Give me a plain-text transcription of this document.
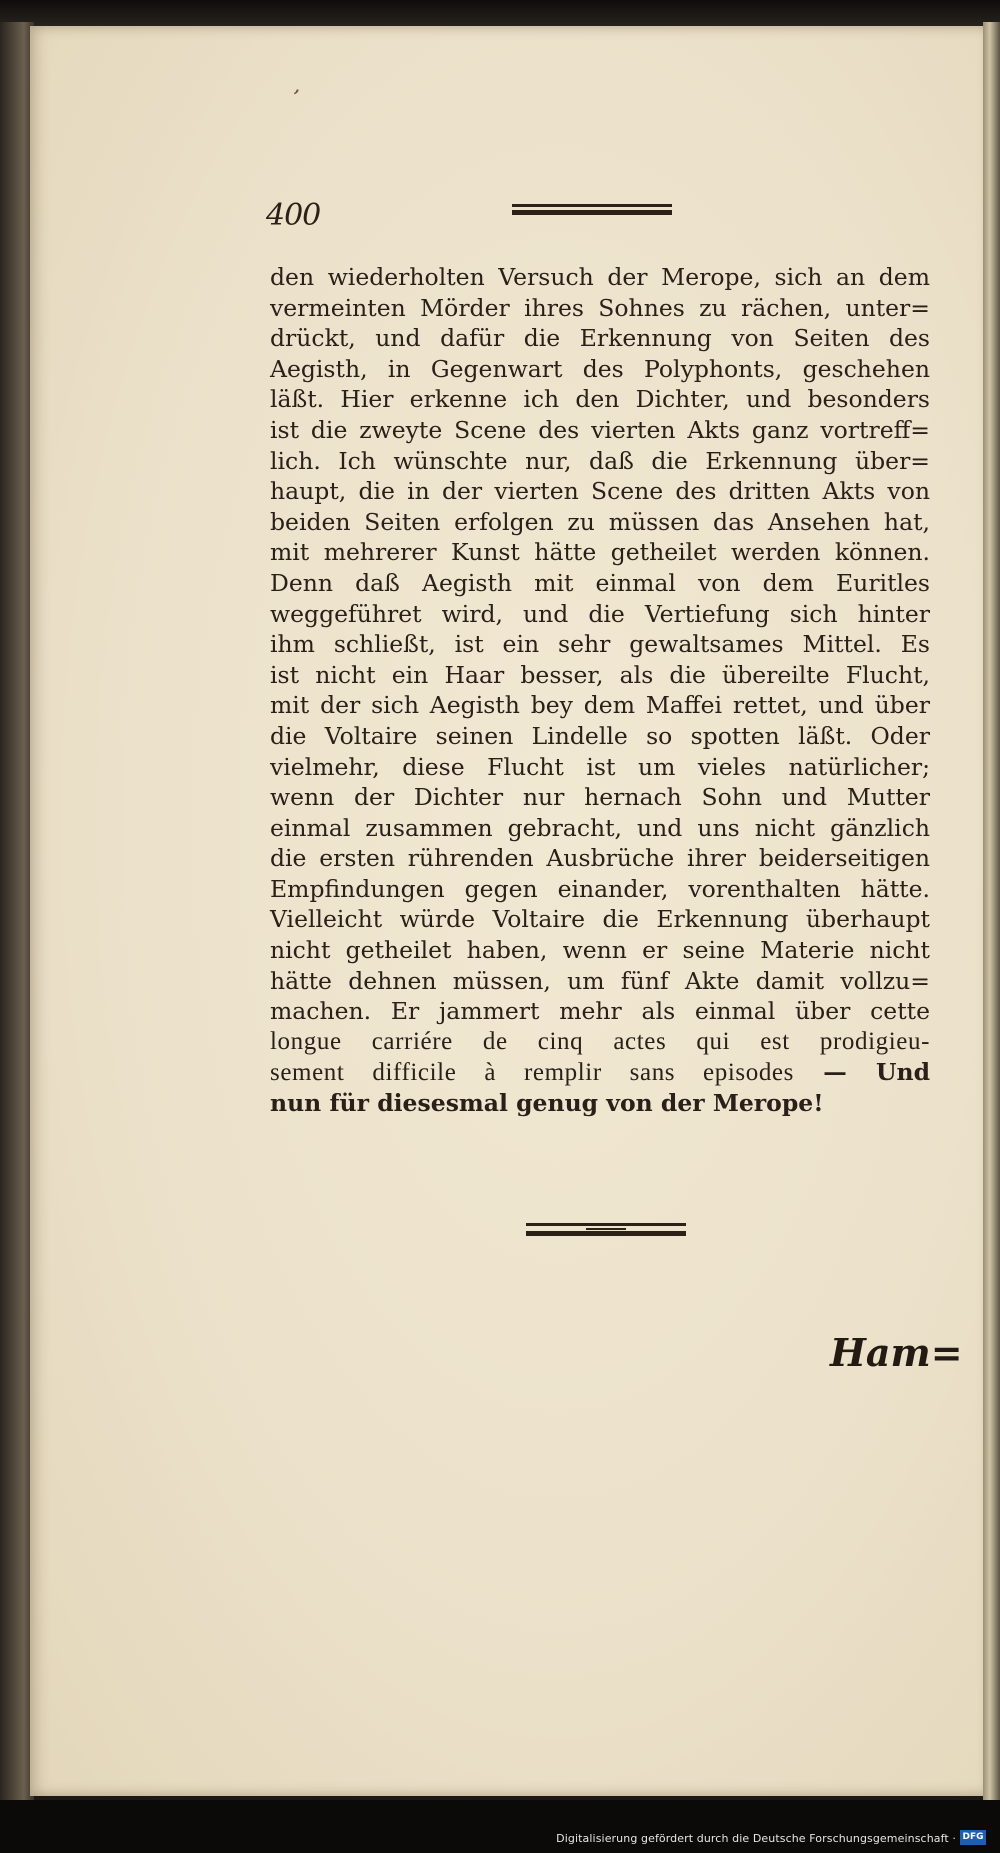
ʼ
400
den wiederholten Versuch der Merope, sich an dem
vermeinten Mörder ihres Sohnes zu rächen, unter=
drückt, und dafür die Erkennung von Seiten des
Aegisth, in Gegenwart des Polyphonts, geschehen
läßt. Hier erkenne ich den Dichter, und besonders
ist die zweyte Scene des vierten Akts ganz vortreff=
lich. Ich wünschte nur, daß die Erkennung über=
haupt, die in der vierten Scene des dritten Akts von
beiden Seiten erfolgen zu müssen das Ansehen hat,
mit mehrerer Kunst hätte getheilet werden können.
Denn daß Aegisth mit einmal von dem Euritles
weggeführet wird, und die Vertiefung sich hinter
ihm schließt, ist ein sehr gewaltsames Mittel. Es
ist nicht ein Haar besser, als die übereilte Flucht,
mit der sich Aegisth bey dem Maffei rettet, und über
die Voltaire seinen Lindelle so spotten läßt. Oder
vielmehr, diese Flucht ist um vieles natürlicher;
wenn der Dichter nur hernach Sohn und Mutter
einmal zusammen gebracht, und uns nicht gänzlich
die ersten rührenden Ausbrüche ihrer beiderseitigen
Empfindungen gegen einander, vorenthalten hätte.
Vielleicht würde Voltaire die Erkennung überhaupt
nicht getheilet haben, wenn er seine Materie nicht
hätte dehnen müssen, um fünf Akte damit vollzu=
machen. Er jammert mehr als einmal über cette
longue carriére de cinq actes qui est prodigieu-
sement difficile à remplir sans episodes — Und
nun für diesesmal genug von der Merope!
Ham=
Digitalisierung gefördert durch die Deutsche Forschungsgemeinschaft · DFG
